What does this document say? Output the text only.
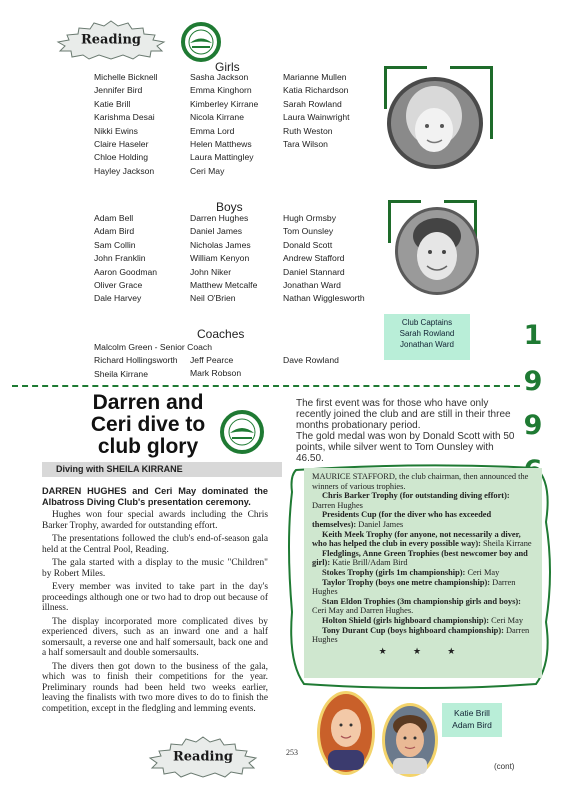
Reading
Girls
Michelle Bicknell
Jennifer Bird
Katie Brill
Karishma Desai
Nikki Ewins
Claire Haseler
Chloe Holding
Hayley Jackson
Sasha Jackson
Emma Kinghorn
Kimberley Kirrane
Nicola Kirrane
Emma Lord
Helen Matthews
Laura Mattingley
Ceri May
Marianne Mullen
Katia Richardson
Sarah Rowland
Laura Wainwright
Ruth Weston
Tara Wilson
Boys
Adam Bell
Adam Bird
Sam Collin
John Franklin
Aaron Goodman
Oliver Grace
Dale Harvey
Darren Hughes
Daniel James
Nicholas James
William Kenyon
John Niker
Matthew Metcalfe
Neil O'Brien
Hugh Ormsby
Tom Ounsley
Donald Scott
Andrew Stafford
Daniel Stannard
Jonathan Ward
Nathan Wigglesworth
Coaches
Malcolm Green - Senior Coach
Richard Hollingsworth
Sheila Kirrane
Jeff Pearce
Mark Robson
Dave Rowland
Club Captains
Sarah Rowland
Jonathan Ward	1
9
9
Darren and
Ceri dive to
club glory

The first event was for those who have only recently joined the club and are still in their three months probationary period.

The gold medal was won by Donald Scott with 50 points, while silver went to Tom Ounsley with 46.50.

Diving with SHEILA KIRRANE

DARREN HUGHES and Ceri May dominated the Albatross Diving Club's presentation ceremony.

Hughes won four special awards including the Chris Barker Trophy, awarded for outstanding effort.

The presentations followed the club's end-of-season gala held at the Central Pool, Reading.

The gala started with a display to the music "Children" by Robert Miles.

Every member was invited to take part in the day's proceedings although one or two had to drop out because of illness.

The display incorporated more complicated dives by experienced divers, such as an inward one and a half somersault, a reverse one and half somersault, back one and a half somersault and double somersaults.

The divers then got down to the business of the gala, which was to finish their competitions for the year. Preliminary rounds had been held two weeks earlier, leaving the finalists with two more dives to do to finish the competition, except in the fledgling and lemming events.

MAURICE STAFFORD, the club chairman, then announced the winners of various trophies.

Chris Barker Trophy (for outstanding diving effort): Darren Hughes

Presidents Cup (for the diver who has exceeded themselves): Daniel James

Keith Meek Trophy (for anyone, not necessarily a diver, who has helped the club in every possible way): Sheila Kirrane

Fledglings, Anne Green Trophies (best newcomer boy and girl): Katie Brill/Adam Bird

Stokes Trophy (girls 1m championship): Ceri May

Taylor Trophy (boys one metre championship): Darren Hughes

Stan Eldon Trophies (3m championship girls and boys): Ceri May and Darren Hughes.

Holton Shield (girls highboard championship): Ceri May

Tony Durant Cup (boys highboard championship): Darren Hughes

★ ★ ★
Katie Brill
Adam Bird
Reading	253
(cont)
